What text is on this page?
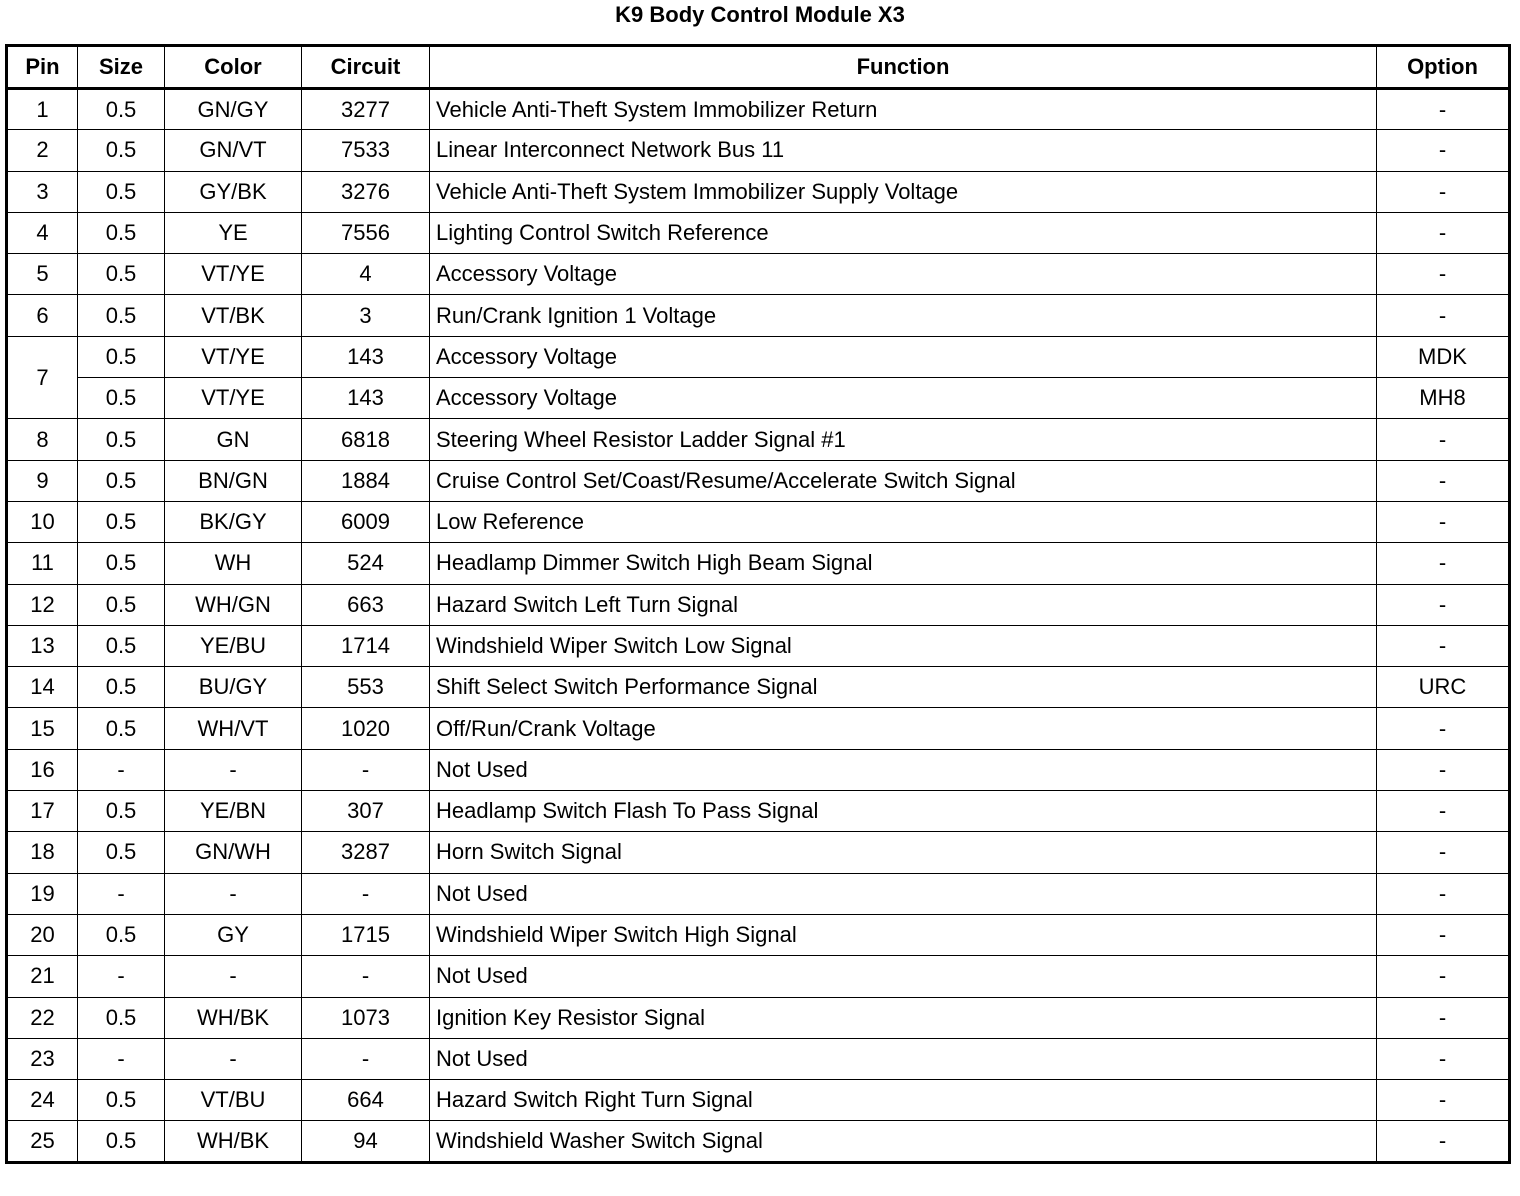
K9 Body Control Module X3
Pin	Size	Color	Circuit	Function	Option
1	0.5	GN/GY	3277	Vehicle Anti-Theft System Immobilizer Return	-
2	0.5	GN/VT	7533	Linear Interconnect Network Bus 11	-
3	0.5	GY/BK	3276	Vehicle Anti-Theft System Immobilizer Supply Voltage	-
4	0.5	YE	7556	Lighting Control Switch Reference	-
5	0.5	VT/YE	4	Accessory Voltage	-
6	0.5	VT/BK	3	Run/Crank Ignition 1 Voltage	-
7	0.5	VT/YE	143	Accessory Voltage	MDK
	0.5	VT/YE	143	Accessory Voltage	MH8
8	0.5	GN	6818	Steering Wheel Resistor Ladder Signal #1	-
9	0.5	BN/GN	1884	Cruise Control Set/Coast/Resume/Accelerate Switch Signal	-
10	0.5	BK/GY	6009	Low Reference	-
11	0.5	WH	524	Headlamp Dimmer Switch High Beam Signal	-
12	0.5	WH/GN	663	Hazard Switch Left Turn Signal	-
13	0.5	YE/BU	1714	Windshield Wiper Switch Low Signal	-
14	0.5	BU/GY	553	Shift Select Switch Performance Signal	URC
15	0.5	WH/VT	1020	Off/Run/Crank Voltage	-
16	-	-	-	Not Used	-
17	0.5	YE/BN	307	Headlamp Switch Flash To Pass Signal	-
18	0.5	GN/WH	3287	Horn Switch Signal	-
19	-	-	-	Not Used	-
20	0.5	GY	1715	Windshield Wiper Switch High Signal	-
21	-	-	-	Not Used	-
22	0.5	WH/BK	1073	Ignition Key Resistor Signal	-
23	-	-	-	Not Used	-
24	0.5	VT/BU	664	Hazard Switch Right Turn Signal	-
25	0.5	WH/BK	94	Windshield Washer Switch Signal	-
